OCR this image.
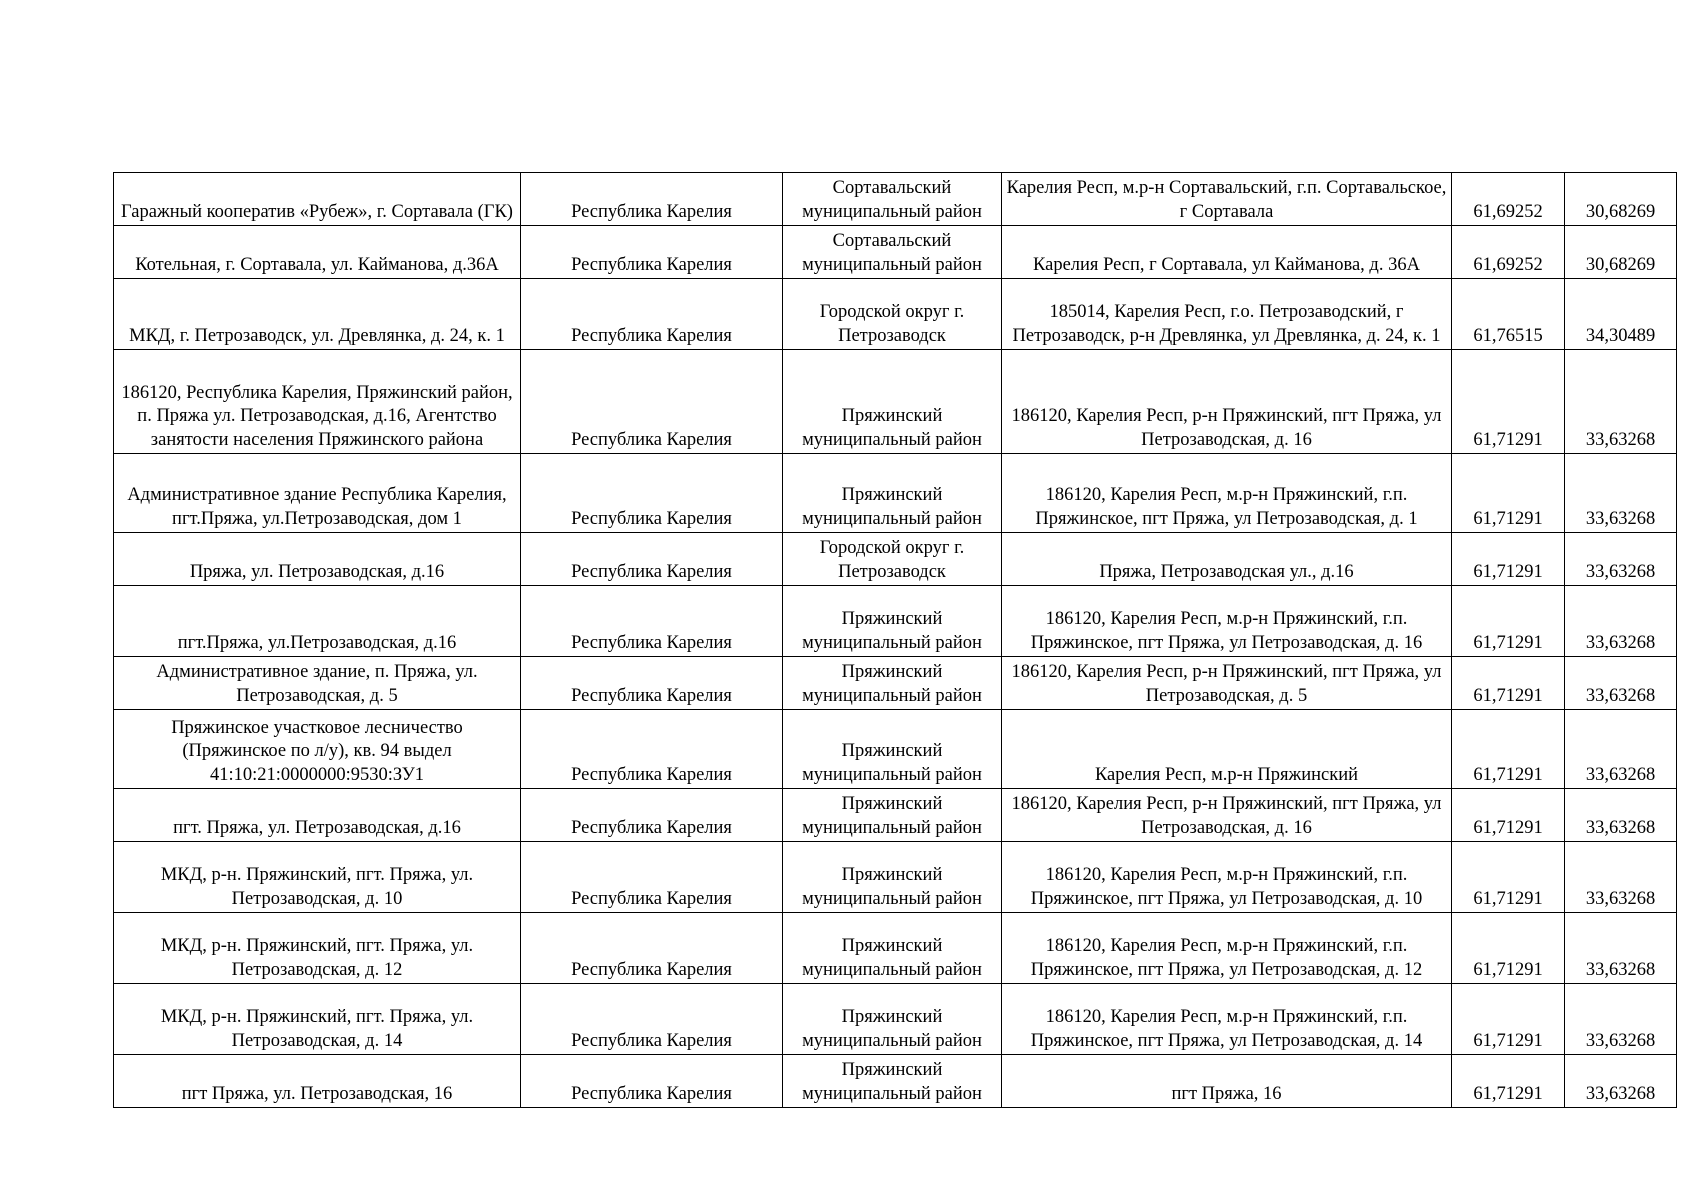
Гаражный кооператив «Рубеж», г. Сортавала (ГК)	Республика Карелия	Сортавальский муниципальный район	Карелия Респ, м.р-н Сортавальский, г.п. Сортавальское, г Сортавала	61,69252	30,68269
Котельная, г. Сортавала, ул. Кайманова, д.36А	Республика Карелия	Сортавальский муниципальный район	Карелия Респ, г Сортавала, ул Кайманова, д. 36А	61,69252	30,68269
МКД, г. Петрозаводск, ул. Древлянка, д. 24, к. 1	Республика Карелия	Городской округ г. Петрозаводск	185014, Карелия Респ, г.о. Петрозаводский, г Петрозаводск, р-н Древлянка, ул Древлянка, д. 24, к. 1	61,76515	34,30489
186120, Республика Карелия, Пряжинский район, п. Пряжа ул. Петрозаводская, д.16, Агентство занятости населения Пряжинского района	Республика Карелия	Пряжинский муниципальный район	186120, Карелия Респ, р-н Пряжинский, пгт Пряжа, ул Петрозаводская, д. 16	61,71291	33,63268
Административное здание Республика Карелия, пгт.Пряжа, ул.Петрозаводская, дом 1	Республика Карелия	Пряжинский муниципальный район	186120, Карелия Респ, м.р-н Пряжинский, г.п. Пряжинское, пгт Пряжа, ул Петрозаводская, д. 1	61,71291	33,63268
Пряжа, ул. Петрозаводская, д.16	Республика Карелия	Городской округ г. Петрозаводск	Пряжа, Петрозаводская ул., д.16	61,71291	33,63268
пгт.Пряжа, ул.Петрозаводская, д.16	Республика Карелия	Пряжинский муниципальный район	186120, Карелия Респ, м.р-н Пряжинский, г.п. Пряжинское, пгт Пряжа, ул Петрозаводская, д. 16	61,71291	33,63268
Административное здание, п. Пряжа, ул. Петрозаводская, д. 5	Республика Карелия	Пряжинский муниципальный район	186120, Карелия Респ, р-н Пряжинский, пгт Пряжа, ул Петрозаводская, д. 5	61,71291	33,63268
Пряжинское участковое лесничество (Пряжинское по л/у), кв. 94 выдел 41:10:21:0000000:9530:ЗУ1	Республика Карелия	Пряжинский муниципальный район	Карелия Респ, м.р-н Пряжинский	61,71291	33,63268
пгт. Пряжа, ул. Петрозаводская, д.16	Республика Карелия	Пряжинский муниципальный район	186120, Карелия Респ, р-н Пряжинский, пгт Пряжа, ул Петрозаводская, д. 16	61,71291	33,63268
МКД, р-н. Пряжинский, пгт. Пряжа, ул. Петрозаводская, д. 10	Республика Карелия	Пряжинский муниципальный район	186120, Карелия Респ, м.р-н Пряжинский, г.п. Пряжинское, пгт Пряжа, ул Петрозаводская, д. 10	61,71291	33,63268
МКД, р-н. Пряжинский, пгт. Пряжа, ул. Петрозаводская, д. 12	Республика Карелия	Пряжинский муниципальный район	186120, Карелия Респ, м.р-н Пряжинский, г.п. Пряжинское, пгт Пряжа, ул Петрозаводская, д. 12	61,71291	33,63268
МКД, р-н. Пряжинский, пгт. Пряжа, ул. Петрозаводская, д. 14	Республика Карелия	Пряжинский муниципальный район	186120, Карелия Респ, м.р-н Пряжинский, г.п. Пряжинское, пгт Пряжа, ул Петрозаводская, д. 14	61,71291	33,63268
пгт Пряжа, ул. Петрозаводская, 16	Республика Карелия	Пряжинский муниципальный район	пгт Пряжа, 16	61,71291	33,63268
